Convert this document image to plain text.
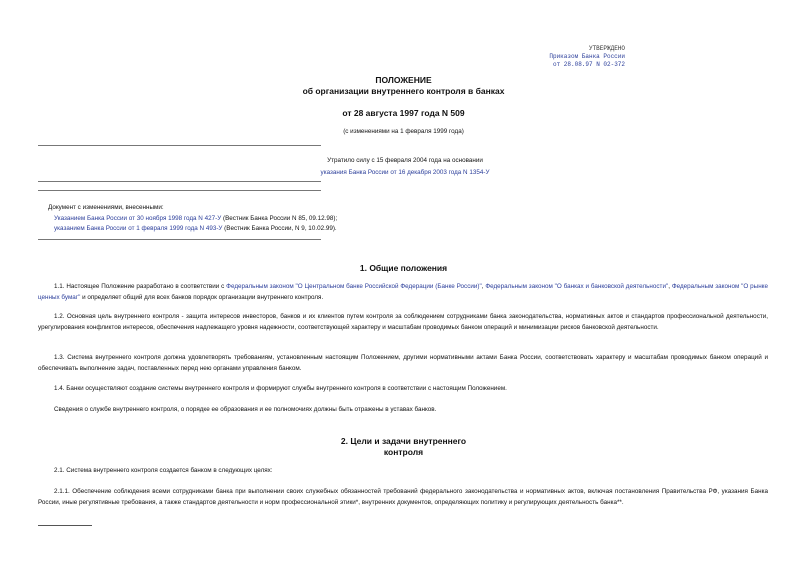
УТВЕРЖДЕНО
Приказом Банка России
от 28.08.97 N 02-372
ПОЛОЖЕНИЕ
об организации внутреннего контроля в банках
от 28 августа 1997 года N 509
(с изменениями на 1 февраля 1999 года)
Утратило силу с 15 февраля 2004 года на основании
указания Банка России от 16 декабря 2003 года N 1354-У
Документ с изменениями, внесенными:
Указанием Банка России от 30 ноября 1998 года N 427-У (Вестник Банка России N 85, 09.12.98);
указанием Банка России от 1 февраля 1999 года N 493-У (Вестник Банка России, N 9, 10.02.99).
1. Общие положения
1.1. Настоящее Положение разработано в соответствии с Федеральным законом "О Центральном банке Российской Федерации (Банке России)", Федеральным законом "О банках и банковской деятельности", Федеральным законом "О рынке ценных бумаг" и определяет общий для всех банков порядок организации внутреннего контроля.
1.2. Основная цель внутреннего контроля - защита интересов инвесторов, банков и их клиентов путем контроля за соблюдением сотрудниками банка законодательства, нормативных актов и стандартов профессиональной деятельности, урегулирования конфликтов интересов, обеспечения надлежащего уровня надежности, соответствующей характеру и масштабам проводимых банком операций и минимизации рисков банковской деятельности.
1.3. Система внутреннего контроля должна удовлетворять требованиям, установленным настоящим Положением, другими нормативными актами Банка России, соответствовать характеру и масштабам проводимых банком операций и обеспечивать выполнение задач, поставленных перед нею органами управления банком.
1.4. Банки осуществляют создание системы внутреннего контроля и формируют службы внутреннего контроля в соответствии с настоящим Положением.
Сведения о службе внутреннего контроля, о порядке ее образования и ее полномочиях должны быть отражены в уставах банков.
2. Цели и задачи внутреннего
контроля
2.1. Система внутреннего контроля создается банком в следующих целях:
2.1.1. Обеспечение соблюдения всеми сотрудниками банка при выполнении своих служебных обязанностей требований федерального законодательства и нормативных актов, включая постановления Правительства РФ, указания Банка России, иные регулятивные требования, а также стандартов деятельности и норм профессиональной этики*, внутренних документов, определяющих политику и регулирующих деятельность банка**.
